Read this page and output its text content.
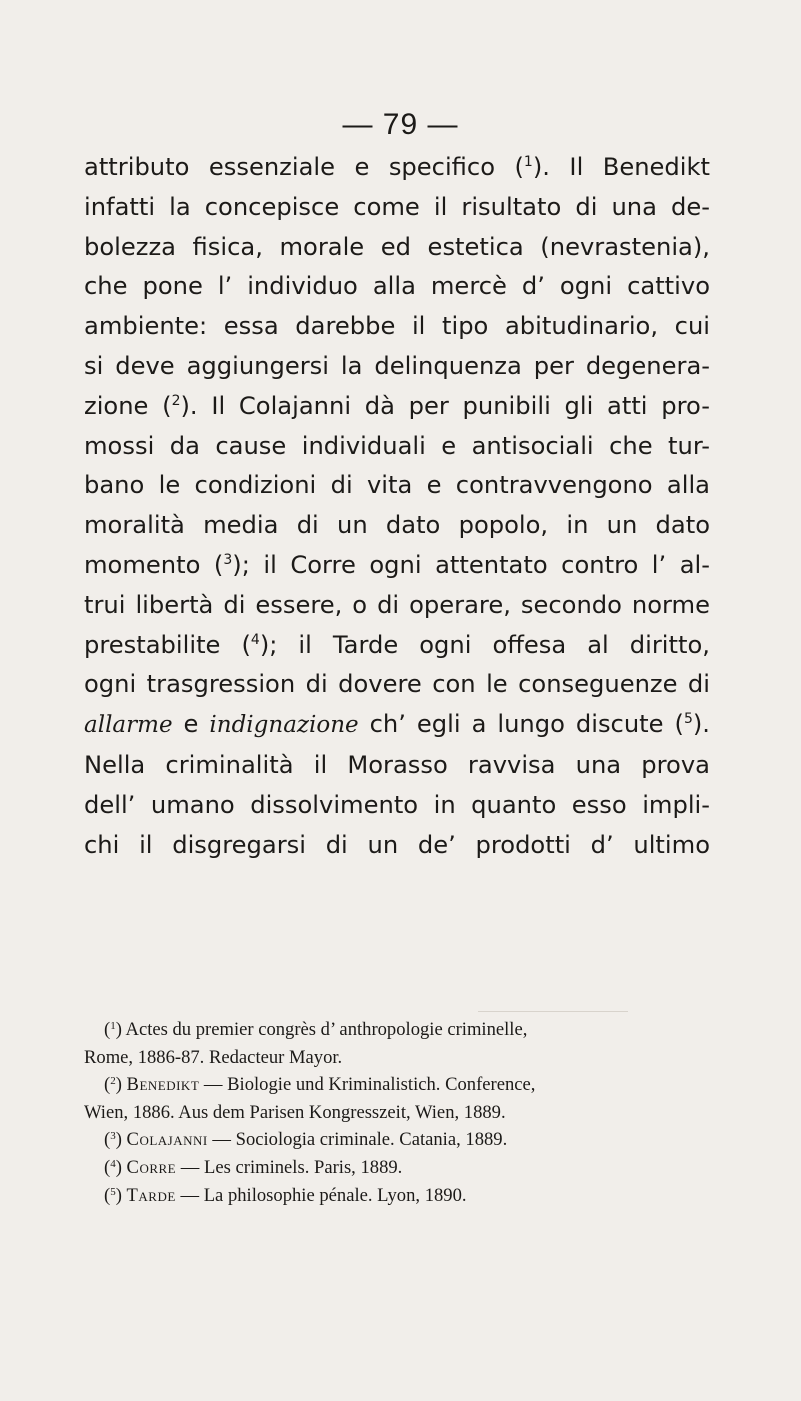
— 79 —
attributo essenziale e specifico ($^1$). Il Benedikt
infatti la concepisce come il risultato di una de-
bolezza fisica, morale ed estetica (nevrastenia),
che pone l’ individuo alla mercè d’ ogni cattivo
ambiente: essa darebbe il tipo abitudinario, cui
si deve aggiungersi la delinquenza per degenera-
zione ($^2$). Il Colajanni dà per punibili gli atti pro-
mossi da cause individuali e antisociali che tur-
bano le condizioni di vita e contravvengono alla
moralità media di un dato popolo, in un dato
momento ($^3$); il Corre ogni attentato contro l’ al-
trui libertà di essere, o di operare, secondo norme
prestabilite ($^4$); il Tarde ogni offesa al diritto,
ogni trasgression di dovere con le conseguenze di
allarme e indignazione ch’ egli a lungo discute ($^5$).
Nella criminalità il Morasso ravvisa una prova
dell’ umano dissolvimento in quanto esso impli-
chi il disgregarsi di un de’ prodotti d’ ultimo
($^1$) Actes du premier congrès d’ anthropologie criminelle,
Rome, 1886-87. Redacteur Mayor.
($^2$) Benedikt — Biologie und Kriminalistich. Conference,
Wien, 1886. Aus dem Parisen Kongresszeit, Wien, 1889.
($^3$) Colajanni — Sociologia criminale. Catania, 1889.
($^4$) Corre — Les criminels. Paris, 1889.
($^5$) Tarde — La philosophie pénale. Lyon, 1890.
